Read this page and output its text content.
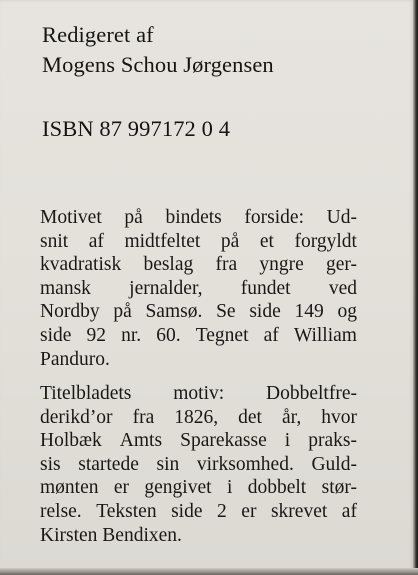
Redigeret af
Mogens Schou Jørgensen
ISBN 87 997172 0 4
Motivet på bindets forside: Ud-
snit af midtfeltet på et forgyldt
kvadratisk beslag fra yngre ger-
mansk jernalder, fundet ved
Nordby på Samsø. Se side 149 og
side 92 nr. 60. Tegnet af William
Panduro.
Titelbladets motiv: Dobbeltfre-
derikd’or fra 1826, det år, hvor
Holbæk Amts Sparekasse i praks-
sis startede sin virksomhed. Guld-
mønten er gengivet i dobbelt stør-
relse. Teksten side 2 er skrevet af
Kirsten Bendixen.
